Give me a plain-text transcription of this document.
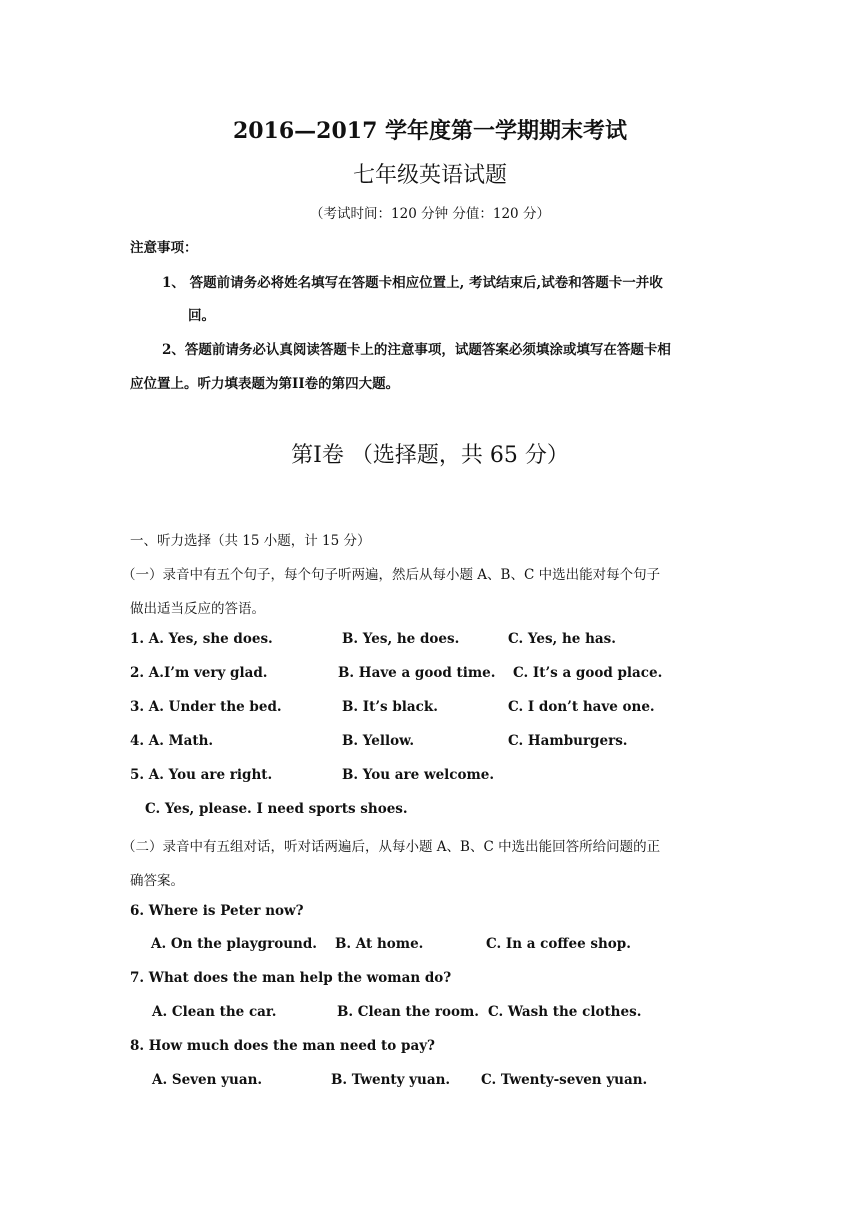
2016—2017 学年度第一学期期末考试
七年级英语试题
（考试时间：120 分钟 分值：120 分）
注意事项：
1、 答题前请务必将姓名填写在答题卡相应位置上, 考试结束后,试卷和答题卡一并收
回。
2、答题前请务必认真阅读答题卡上的注意事项，试题答案必须填涂或填写在答题卡相
应位置上。听力填表题为第II卷的第四大题。
第Ⅰ卷 （选择题，共 65 分）
一、听力选择（共 15 小题，计 15 分）
（一）录音中有五个句子，每个句子听两遍，然后从每小题 A、B、C 中选出能对每个句子
做出适当反应的答语。
1. A. Yes, she does.	B. Yes, he does.	C. Yes, he has.
2. A.I’m very glad.	B. Have a good time. C. It’s a good place.
3. A. Under the bed.	B. It’s black.	C. I don’t have one.
4. A. Math.	B. Yellow.	C. Hamburgers.
5. A. You are right.	B. You are welcome.
C. Yes, please. I need sports shoes.
（二）录音中有五组对话，听对话两遍后，从每小题 A、B、C 中选出能回答所给问题的正
确答案。
6. Where is Peter now?
A. On the playground. B. At home.	C. In a coffee shop.
7. What does the man help the woman do?
A. Clean the car.	B. Clean the room. C. Wash the clothes.
8. How much does the man need to pay?
A. Seven yuan.	B. Twenty yuan. C. Twenty-seven yuan.
